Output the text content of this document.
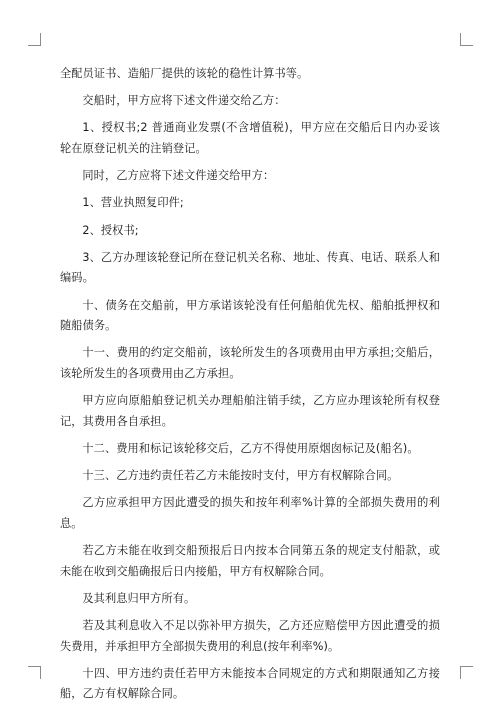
全配员证书、造船厂提供的该轮的稳性计算书等。

交船时，甲方应将下述文件递交给乙方：

1、授权书;2 普通商业发票(不含增值税)，甲方应在交船后日内办妥该轮在原登记机关的注销登记。

同时，乙方应将下述文件递交给甲方：

1、营业执照复印件;

2、授权书;

3、乙方办理该轮登记所在登记机关名称、地址、传真、电话、联系人和编码。

十、债务在交船前，甲方承诺该轮没有任何船舶优先权、船舶抵押权和随船债务。

十一、费用的约定交船前，该轮所发生的各项费用由甲方承担;交船后，该轮所发生的各项费用由乙方承担。

甲方应向原船舶登记机关办理船舶注销手续，乙方应办理该轮所有权登记，其费用各自承担。

十二、费用和标记该轮移交后，乙方不得使用原烟囱标记及(船名)。

十三、乙方违约责任若乙方未能按时支付，甲方有权解除合同。

乙方应承担甲方因此遭受的损失和按年利率%计算的全部损失费用的利息。

若乙方未能在收到交船预报后日内按本合同第五条的规定支付船款，或未能在收到交船确报后日内接船，甲方有权解除合同。

及其利息归甲方所有。

若及其利息收入不足以弥补甲方损失，乙方还应赔偿甲方因此遭受的损失费用，并承担甲方全部损失费用的利息(按年利率%)。

十四、甲方违约责任若甲方未能按本合同规定的方式和期限通知乙方接船，乙方有权解除合同。
